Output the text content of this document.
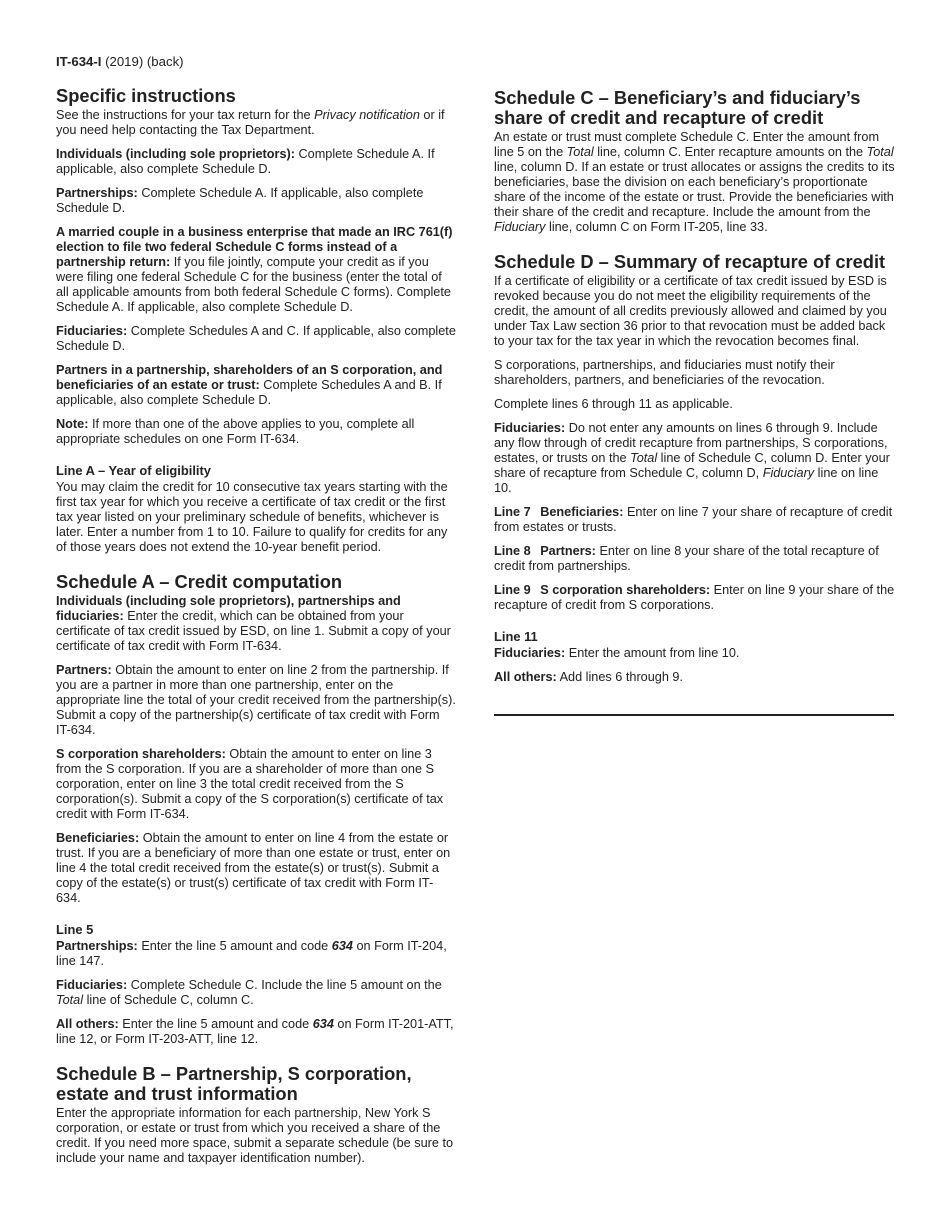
IT-634-I (2019) (back)
Specific instructions

See the instructions for your tax return for the Privacy notification or if you need help contacting the Tax Department.

Individuals (including sole proprietors): Complete Schedule A. If applicable, also complete Schedule D.

Partnerships: Complete Schedule A. If applicable, also complete Schedule D.

A married couple in a business enterprise that made an IRC 761(f) election to file two federal Schedule C forms instead of a partnership return: If you file jointly, compute your credit as if you were filing one federal Schedule C for the business (enter the total of all applicable amounts from both federal Schedule C forms). Complete Schedule A. If applicable, also complete Schedule D.

Fiduciaries: Complete Schedules A and C. If applicable, also complete Schedule D.

Partners in a partnership, shareholders of an S corporation, and beneficiaries of an estate or trust: Complete Schedules A and B. If applicable, also complete Schedule D.

Note: If more than one of the above applies to you, complete all appropriate schedules on one Form IT-634.

Line A – Year of eligibility

You may claim the credit for 10 consecutive tax years starting with the first tax year for which you receive a certificate of tax credit or the first tax year listed on your preliminary schedule of benefits, whichever is later. Enter a number from 1 to 10. Failure to qualify for credits for any of those years does not extend the 10-year benefit period.

Schedule A – Credit computation

Individuals (including sole proprietors), partnerships and fiduciaries: Enter the credit, which can be obtained from your certificate of tax credit issued by ESD, on line 1. Submit a copy of your certificate of tax credit with Form IT-634.

Partners: Obtain the amount to enter on line 2 from the partnership. If you are a partner in more than one partnership, enter on the appropriate line the total of your credit received from the partnership(s). Submit a copy of the partnership(s) certificate of tax credit with Form IT-634.

S corporation shareholders: Obtain the amount to enter on line 3 from the S corporation. If you are a shareholder of more than one S corporation, enter on line 3 the total credit received from the S corporation(s). Submit a copy of the S corporation(s) certificate of tax credit with Form IT-634.

Beneficiaries: Obtain the amount to enter on line 4 from the estate or trust. If you are a beneficiary of more than one estate or trust, enter on line 4 the total credit received from the estate(s) or trust(s). Submit a copy of the estate(s) or trust(s) certificate of tax credit with Form IT-634.

Line 5

Partnerships: Enter the line 5 amount and code 634 on Form IT-204, line 147.

Fiduciaries: Complete Schedule C. Include the line 5 amount on the Total line of Schedule C, column C.

All others: Enter the line 5 amount and code 634 on Form IT-201-ATT, line 12, or Form IT-203-ATT, line 12.

Schedule B – Partnership, S corporation, estate and trust information

Enter the appropriate information for each partnership, New York S corporation, or estate or trust from which you received a share of the credit. If you need more space, submit a separate schedule (be sure to include your name and taxpayer identification number).

Schedule C – Beneficiary’s and fiduciary’s share of credit and recapture of credit

An estate or trust must complete Schedule C. Enter the amount from line 5 on the Total line, column C. Enter recapture amounts on the Total line, column D. If an estate or trust allocates or assigns the credits to its beneficiaries, base the division on each beneficiary’s proportionate share of the income of the estate or trust. Provide the beneficiaries with their share of the credit and recapture. Include the amount from the Fiduciary line, column C on Form IT-205, line 33.

Schedule D – Summary of recapture of credit

If a certificate of eligibility or a certificate of tax credit issued by ESD is revoked because you do not meet the eligibility requirements of the credit, the amount of all credits previously allowed and claimed by you under Tax Law section 36 prior to that revocation must be added back to your tax for the tax year in which the revocation becomes final.

S corporations, partnerships, and fiduciaries must notify their shareholders, partners, and beneficiaries of the revocation.

Complete lines 6 through 11 as applicable.

Fiduciaries: Do not enter any amounts on lines 6 through 9. Include any flow through of credit recapture from partnerships, S corporations, estates, or trusts on the Total line of Schedule C, column D. Enter your share of recapture from Schedule C, column D, Fiduciary line on line 10.

Line 7 Beneficiaries: Enter on line 7 your share of recapture of credit from estates or trusts.

Line 8 Partners: Enter on line 8 your share of the total recapture of credit from partnerships.

Line 9 S corporation shareholders: Enter on line 9 your share of the recapture of credit from S corporations.

Line 11

Fiduciaries: Enter the amount from line 10.

All others: Add lines 6 through 9.
